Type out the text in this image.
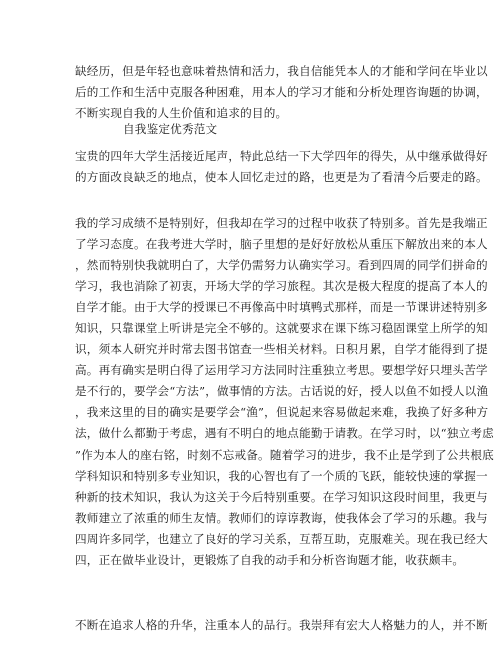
缺经历，但是年轻也意味着热情和活力，我自信能凭本人的才能和学问在毕业以
后的工作和生活中克服各种困难，用本人的学习才能和分析处理咨询题的协调，
不断实现自我的人生价值和追求的目的。
自我鉴定优秀范文
宝贵的四年大学生活接近尾声，特此总结一下大学四年的得失，从中继承做得好
的方面改良缺乏的地点，使本人回忆走过的路，也更是为了看清今后要走的路。
我的学习成绩不是特别好，但我却在学习的过程中收获了特别多。首先是我端正
了学习态度。在我考进大学时，脑子里想的是好好放松从重压下解放出来的本人
，然而特别快我就明白了，大学仍需努力认确实学习。看到四周的同学们拼命的
学习，我也消除了初衷，开场大学的学习旅程。其次是极大程度的提高了本人的
自学才能。由于大学的授课已不再像高中时填鸭式那样，而是一节课讲述特别多
知识，只靠课堂上听讲是完全不够的。这就要求在课下练习稳固课堂上所学的知
识，须本人研究并时常去图书馆查一些相关材料。日积月累，自学才能得到了提
高。再有确实是明白得了运用学习方法同时注重独立考思。要想学好只埋头苦学
是不行的，要学会“方法”，做事情的方法。古话说的好，授人以鱼不如授人以渔
，我来这里的目的确实是要学会“渔”，但说起来容易做起来难，我换了好多种方
法，做什么都勤于考虑，遇有不明白的地点能勤于请教。在学习时，以“独立考虑
”作为本人的座右铭，时刻不忘戒备。随着学习的进步，我不止是学到了公共根底
学科知识和特别多专业知识，我的心智也有了一个质的飞跃，能较快速的掌握一
种新的技术知识，我认为这关于今后特别重要。在学习知识这段时间里，我更与
教师建立了浓重的师生友情。教师们的谆谆教诲，使我体会了学习的乐趣。我与
四周许多同学，也建立了良好的学习关系，互帮互助，克服难关。现在我已经大
四，正在做毕业设计，更锻炼了自我的动手和分析咨询题才能，收获颇丰。
不断在追求人格的升华，注重本人的品行。我崇拜有宏大人格魅力的人，并不断
